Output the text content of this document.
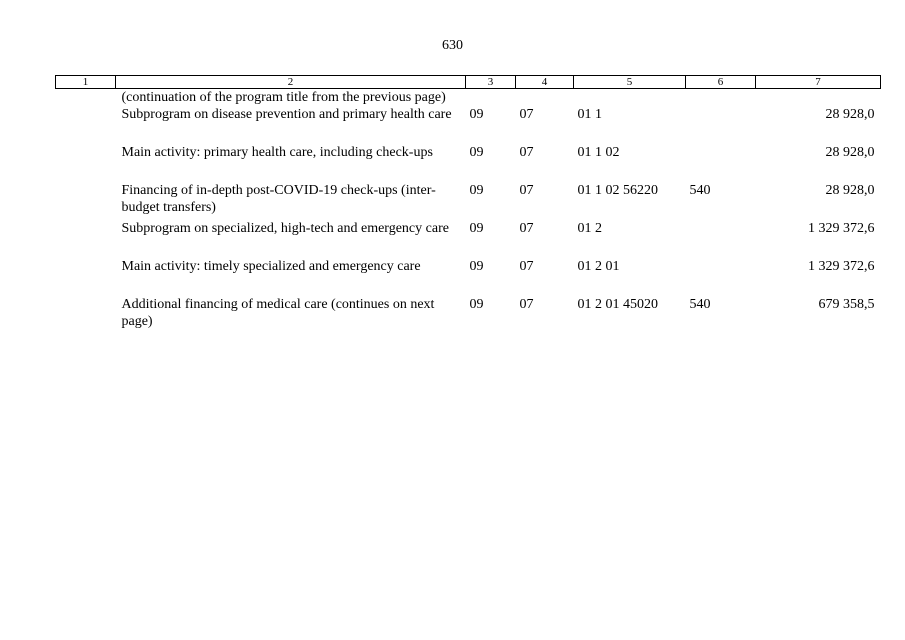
630
1	2	3	4	5	6	7
	(continuation of the program title from the previous page)					
	Subprogram on disease prevention and primary health care	09	07	01 1		28 928,0
	Main activity: primary health care, including check-ups	09	07	01 1 02		28 928,0
	Financing of in-depth post-COVID-19 check-ups (inter-budget transfers)	09	07	01 1 02 56220	540	28 928,0
	Subprogram on specialized, high-tech and emergency care	09	07	01 2		1 329 372,6
	Main activity: timely specialized and emergency care	09	07	01 2 01		1 329 372,6
	Additional financing of medical care (continues on next page)	09	07	01 2 01 45020	540	679 358,5
